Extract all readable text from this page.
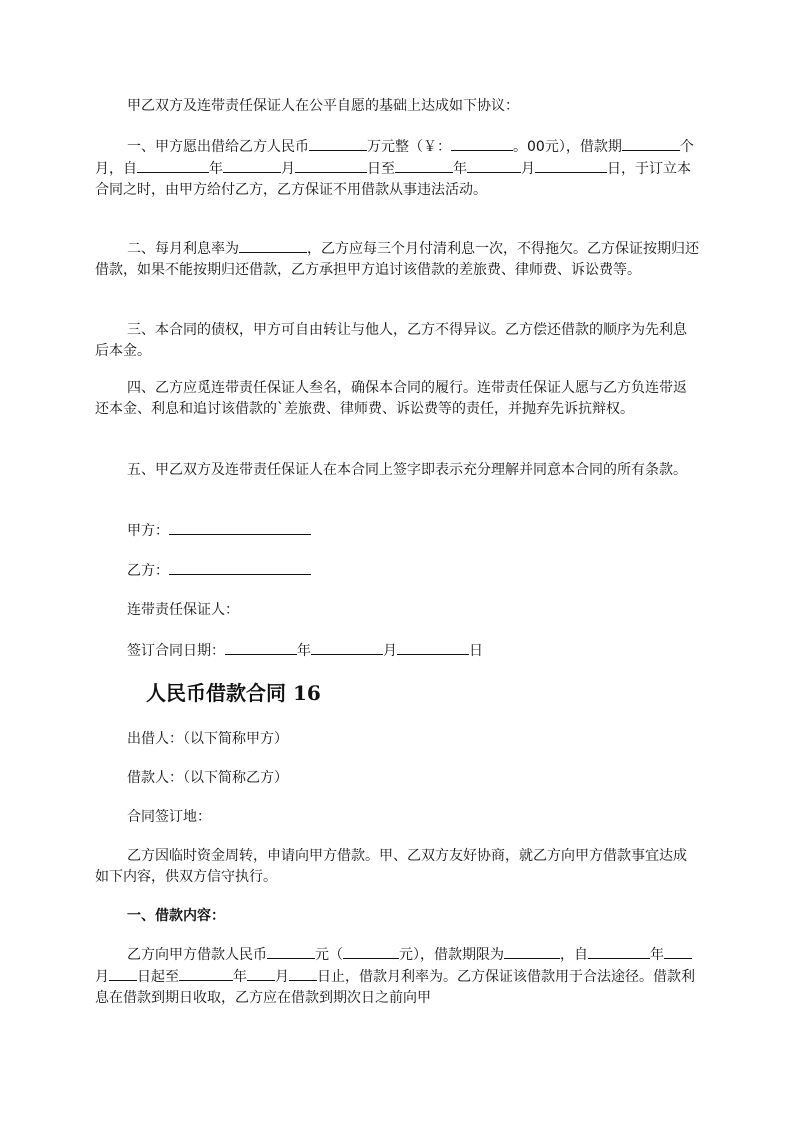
甲乙双方及连带责任保证人在公平自愿的基础上达成如下协议：

一、甲方愿出借给乙方人民币	万元整（￥：	。00元），借款期	个月，自	年	月	日至	年	月	日，于订立本合同之时，由甲方给付乙方，乙方保证不用借款从事违法活动。

二、每月利息率为	，乙方应每三个月付清利息一次，不得拖欠。乙方保证按期归还借款，如果不能按期归还借款，乙方承担甲方追讨该借款的差旅费、律师费、诉讼费等。

三、本合同的债权，甲方可自由转让与他人，乙方不得异议。乙方偿还借款的顺序为先利息后本金。

四、乙方应觅连带责任保证人叁名，确保本合同的履行。连带责任保证人愿与乙方负连带返还本金、利息和追讨该借款的`差旅费、律师费、诉讼费等的责任，并抛弃先诉抗辩权。

五、甲乙双方及连带责任保证人在本合同上签字即表示充分理解并同意本合同的所有条款。

甲方：

乙方：

连带责任保证人：

签订合同日期：	年	月	日

人民币借款合同 16

出借人：（以下简称甲方）

借款人：（以下简称乙方）

合同签订地：

乙方因临时资金周转，申请向甲方借款。甲、乙双方友好协商，就乙方向甲方借款事宜达成如下内容，供双方信守执行。

一、借款内容：

乙方向甲方借款人民币	元（	元），借款期限为	，自	年月 日起至	年 月 日止，借款月利率为。乙方保证该借款用于合法途径。借款利息在借款到期日收取，乙方应在借款到期次日之前向甲
